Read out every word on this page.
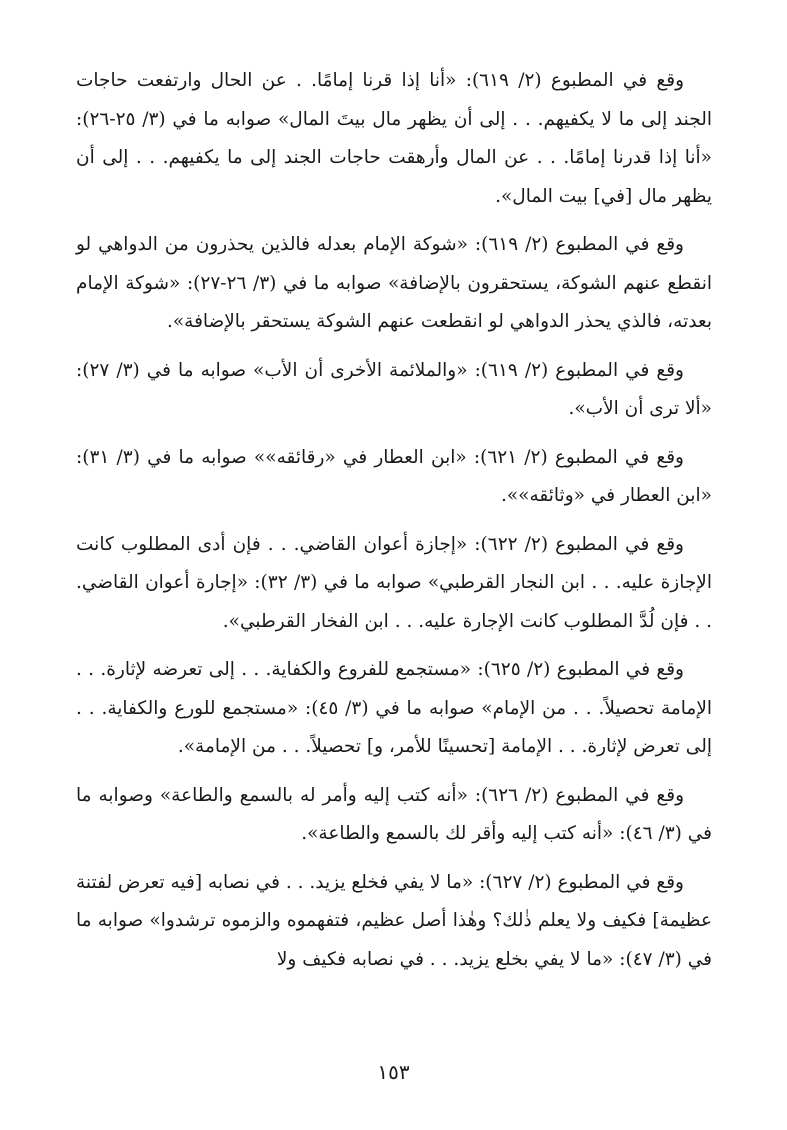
وقع في المطبوع (٢/ ٦١٩): «أنا إذا قرنا إمامًا. . عن الحال وارتفعت حاجات الجند إلى ما لا يكفيهم. . . إلى أن يظهر مال بيتَ المال» صوابه ما في (٣/ ٢٥-٢٦): «أنا إذا قدرنا إمامًا. . . عن المال وأرهقت حاجات الجند إلى ما يكفيهم. . . إلى أن يظهر مال [في] بيت المال».

وقع في المطبوع (٢/ ٦١٩): «شوكة الإمام بعدله فالذين يحذرون من الدواهي لو انقطع عنهم الشوكة، يستحقرون بالإضافة» صوابه ما في (٣/ ٢٦-٢٧): «شوكة الإمام بعدته، فالذي يحذر الدواهي لو انقطعت عنهم الشوكة يستحقر بالإضافة».

وقع في المطبوع (٢/ ٦١٩): «والملائمة الأخرى أن الأب» صوابه ما في (٣/ ٢٧): «ألا ترى أن الأب».

وقع في المطبوع (٢/ ٦٢١): «ابن العطار في «رقائقه»» صوابه ما في (٣/ ٣١): «ابن العطار في «وثائقه»».

وقع في المطبوع (٢/ ٦٢٢): «إجازة أعوان القاضي. . . فإن أدى المطلوب كانت الإجازة عليه. . . ابن النجار القرطبي» صوابه ما في (٣/ ٣٢): «إجارة أعوان القاضي. . . فإن لُدَّ المطلوب كانت الإجارة عليه. . . ابن الفخار القرطبي».

وقع في المطبوع (٢/ ٦٢٥): «مستجمع للفروع والكفاية. . . إلى تعرضه لإثارة. . . الإمامة تحصيلاً. . . من الإمام» صوابه ما في (٣/ ٤٥): «مستجمع للورع والكفاية. . . إلى تعرض لإثارة. . . الإمامة [تحسينًا للأمر، و] تحصيلاً. . . من الإمامة».

وقع في المطبوع (٢/ ٦٢٦): «أنه كتب إليه وأمر له بالسمع والطاعة» وصوابه ما في (٣/ ٤٦): «أنه كتب إليه وأقر لك بالسمع والطاعة».

وقع في المطبوع (٢/ ٦٢٧): «ما لا يفي فخلع يزيد. . . في نصابه [فيه تعرض لفتنة عظيمة] فكيف ولا يعلم ذٰلك؟ وهٰذا أصل عظيم، فتفهموه والزموه ترشدوا» صوابه ما في (٣/ ٤٧): «ما لا يفي بخلع يزيد. . . في نصابه فكيف ولا

١٥٣
